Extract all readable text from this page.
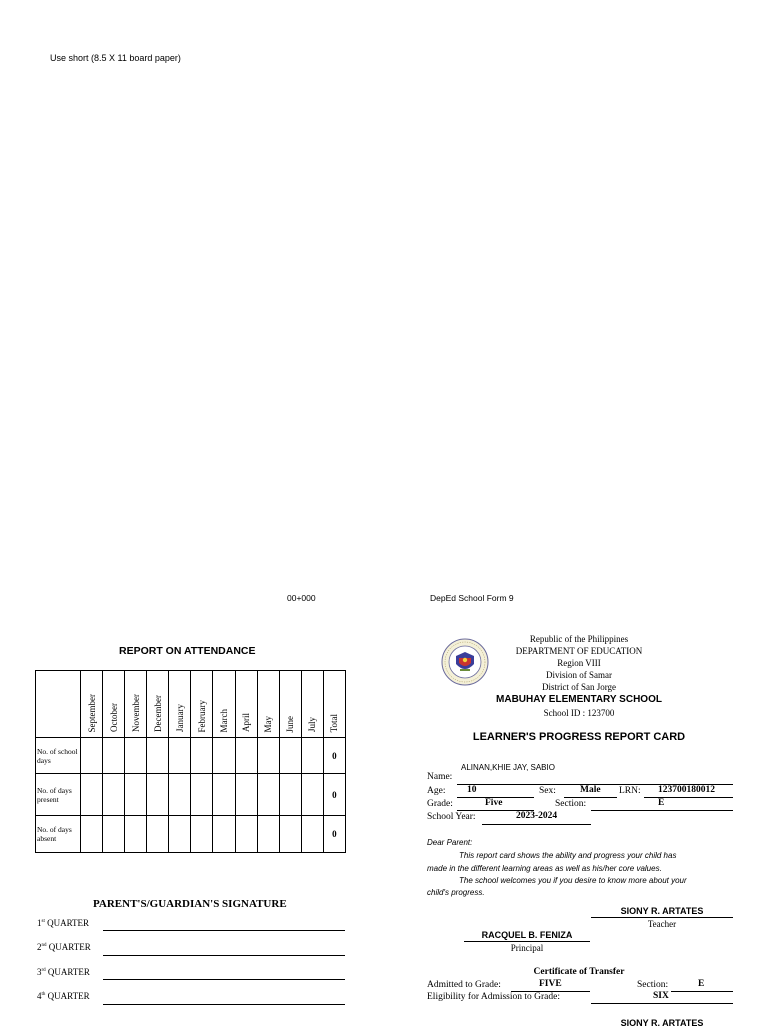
Use short (8.5 X 11 board paper)
00+000	DepEd School Form 9
REPORT ON ATTENDANCE
	September	October	November	December	January	February	March	April	May	June	July	Total
No. of school days												0
No. of days present												0
No. of days absent												0
PARENT'S/GUARDIAN'S SIGNATURE
1st QUARTER
2nd QUARTER
3rd QUARTER
4th QUARTER
Republic of the Philippines
DEPARTMENT OF EDUCATION
Region VIII
Division of Samar
District of San Jorge
MABUHAY ELEMENTARY SCHOOL
School ID : 123700
LEARNER'S PROGRESS REPORT CARD
ALINAN,KHIE JAY, SABIO
Name:
Age: 10	Sex:	Male LRN: 123700180012
Grade:	Five	Section:	E
School Year:	2023-2024
Dear Parent:
This report card shows the ability and progress your child has
made in the different learning areas as well as his/her core values.
The school welcomes you if you desire to know more about your
child's progress.
SIONY R. ARTATES
Teacher
RACQUEL B. FENIZA
Principal
Certificate of Transfer
Admitted to Grade:	FIVE	Section:	E
Eligibility for Admission to Grade:	SIX
SIONY R. ARTATES
